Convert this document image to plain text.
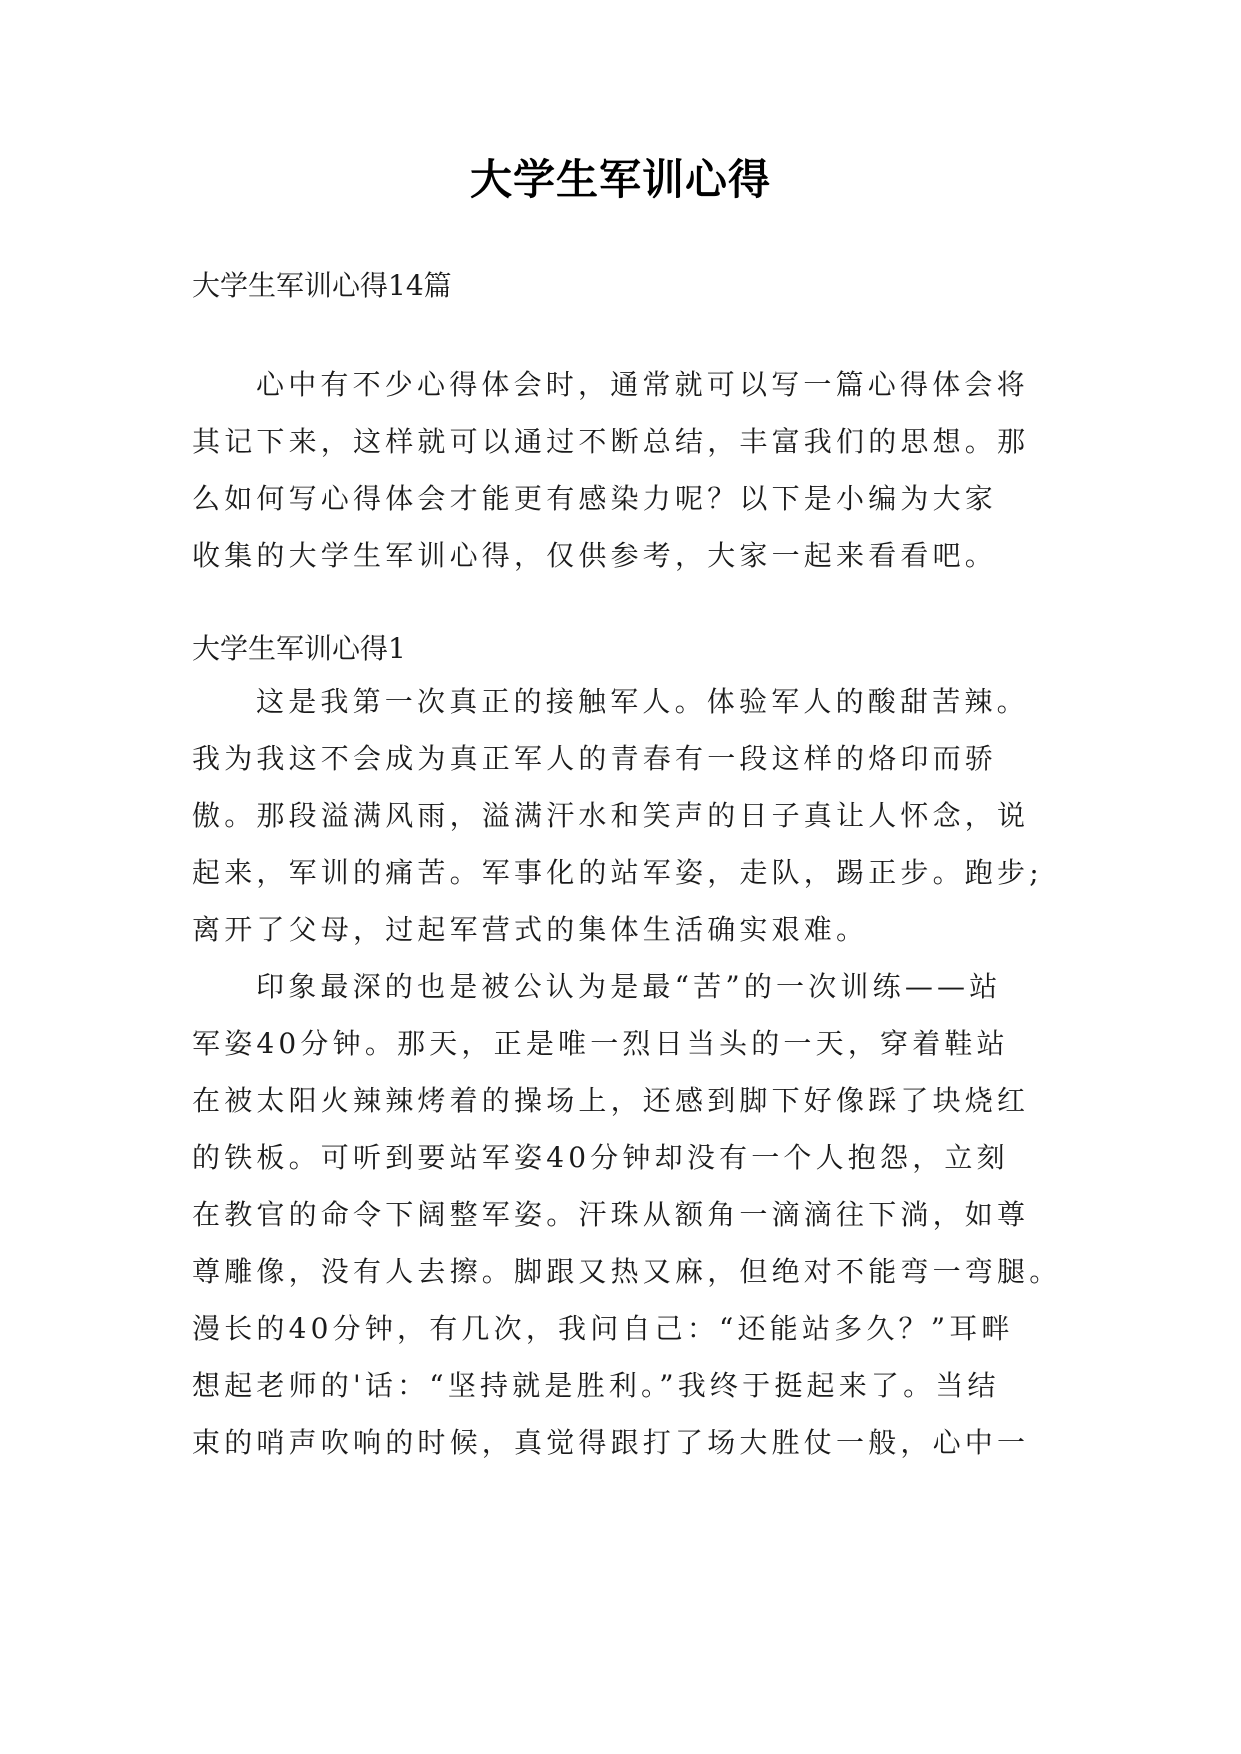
大学生军训心得
大学生军训心得14篇
心中有不少心得体会时，通常就可以写一篇心得体会将
其记下来，这样就可以通过不断总结，丰富我们的思想。那
么如何写心得体会才能更有感染力呢？以下是小编为大家
收集的大学生军训心得，仅供参考，大家一起来看看吧。
大学生军训心得1
这是我第一次真正的接触军人。体验军人的酸甜苦辣。
我为我这不会成为真正军人的青春有一段这样的烙印而骄
傲。那段溢满风雨，溢满汗水和笑声的日子真让人怀念，说
起来，军训的痛苦。军事化的站军姿，走队，踢正步。跑步;
离开了父母，过起军营式的集体生活确实艰难。
印象最深的也是被公认为是最“苦”的一次训练——站
军姿40分钟。那天，正是唯一烈日当头的一天，穿着鞋站
在被太阳火辣辣烤着的操场上，还感到脚下好像踩了块烧红
的铁板。可听到要站军姿40分钟却没有一个人抱怨，立刻
在教官的命令下阔整军姿。汗珠从额角一滴滴往下淌，如尊
尊雕像，没有人去擦。脚跟又热又麻，但绝对不能弯一弯腿。
漫长的40分钟，有几次，我问自己：“还能站多久？”耳畔
想起老师的'话：“坚持就是胜利。”我终于挺起来了。当结
束的哨声吹响的时候，真觉得跟打了场大胜仗一般，心中一
